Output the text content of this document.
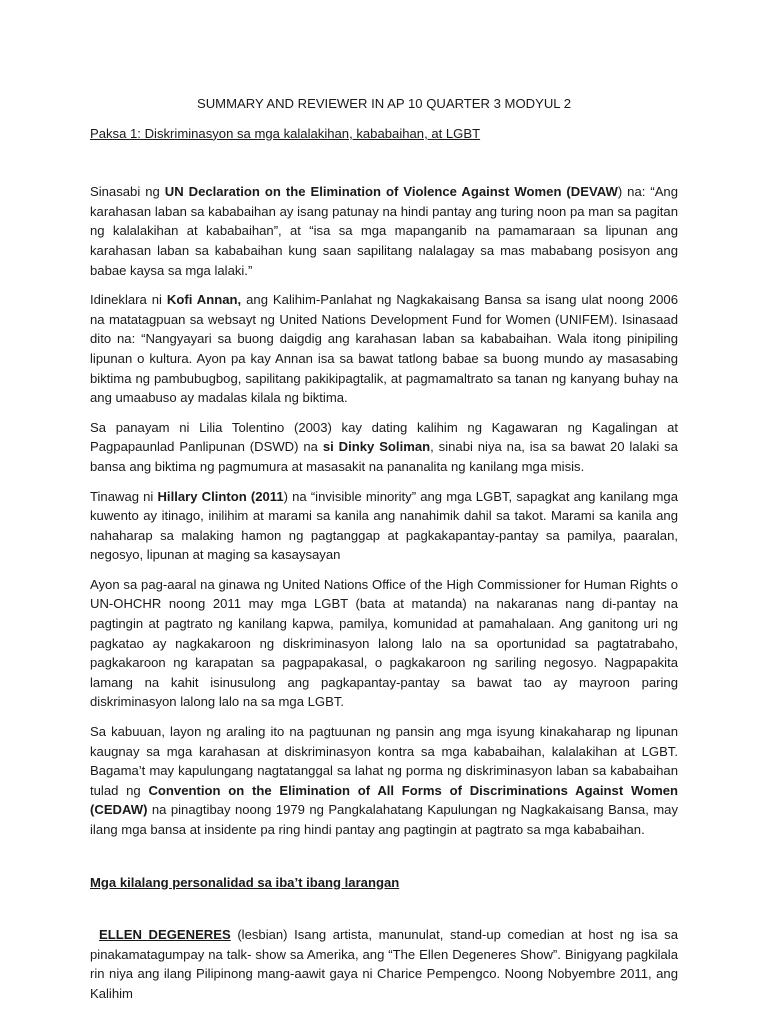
SUMMARY AND REVIEWER IN AP 10 QUARTER 3 MODYUL 2

Paksa 1: Diskriminasyon sa mga kalalakihan, kababaihan, at LGBT

Sinasabi ng UN Declaration on the Elimination of Violence Against Women (DEVAW) na: “Ang karahasan laban sa kababaihan ay isang patunay na hindi pantay ang turing noon pa man sa pagitan ng kalalakihan at kababaihan”, at “isa sa mga mapanganib na pamamaraan sa lipunan ang karahasan laban sa kababaihan kung saan sapilitang nalalagay sa mas mababang posisyon ang babae kaysa sa mga lalaki.”

Idineklara ni Kofi Annan, ang Kalihim-Panlahat ng Nagkakaisang Bansa sa isang ulat noong 2006 na matatagpuan sa websayt ng United Nations Development Fund for Women (UNIFEM). Isinasaad dito na: “Nangyayari sa buong daigdig ang karahasan laban sa kababaihan. Wala itong pinipiling lipunan o kultura. Ayon pa kay Annan isa sa bawat tatlong babae sa buong mundo ay masasabing biktima ng pambubugbog, sapilitang pakikipagtalik, at pagmamaltrato sa tanan ng kanyang buhay na ang umaabuso ay madalas kilala ng biktima.

Sa panayam ni Lilia Tolentino (2003) kay dating kalihim ng Kagawaran ng Kagalingan at Pagpapaunlad Panlipunan (DSWD) na si Dinky Soliman, sinabi niya na, isa sa bawat 20 lalaki sa bansa ang biktima ng pagmumura at masasakit na pananalita ng kanilang mga misis.

Tinawag ni Hillary Clinton (2011) na “invisible minority” ang mga LGBT, sapagkat ang kanilang mga kuwento ay itinago, inilihim at marami sa kanila ang nanahimik dahil sa takot. Marami sa kanila ang nahaharap sa malaking hamon ng pagtanggap at pagkakapantay-pantay sa pamilya, paaralan, negosyo, lipunan at maging sa kasaysayan

Ayon sa pag-aaral na ginawa ng United Nations Office of the High Commissioner for Human Rights o UN-OHCHR noong 2011 may mga LGBT (bata at matanda) na nakaranas nang di-pantay na pagtingin at pagtrato ng kanilang kapwa, pamilya, komunidad at pamahalaan. Ang ganitong uri ng pagkatao ay nagkakaroon ng diskriminasyon lalong lalo na sa oportunidad sa pagtatrabaho, pagkakaroon ng karapatan sa pagpapakasal, o pagkakaroon ng sariling negosyo. Nagpapakita lamang na kahit isinusulong ang pagkapantay-pantay sa bawat tao ay mayroon paring diskriminasyon lalong lalo na sa mga LGBT.

Sa kabuuan, layon ng araling ito na pagtuunan ng pansin ang mga isyung kinakaharap ng lipunan kaugnay sa mga karahasan at diskriminasyon kontra sa mga kababaihan, kalalakihan at LGBT. Bagama’t may kapulungang nagtatanggal sa lahat ng porma ng diskriminasyon laban sa kababaihan tulad ng Convention on the Elimination of All Forms of Discriminations Against Women (CEDAW) na pinagtibay noong 1979 ng Pangkalahatang Kapulungan ng Nagkakaisang Bansa, may ilang mga bansa at insidente pa ring hindi pantay ang pagtingin at pagtrato sa mga kababaihan.

Mga kilalang personalidad sa iba’t ibang larangan

ELLEN DEGENERES (lesbian) Isang artista, manunulat, stand-up comedian at host ng isa sa pinakamatagumpay na talk- show sa Amerika, ang “The Ellen Degeneres Show”. Binigyang pagkilala rin niya ang ilang Pilipinong mang-aawit gaya ni Charice Pempengco. Noong Nobyembre 2011, ang Kalihim
